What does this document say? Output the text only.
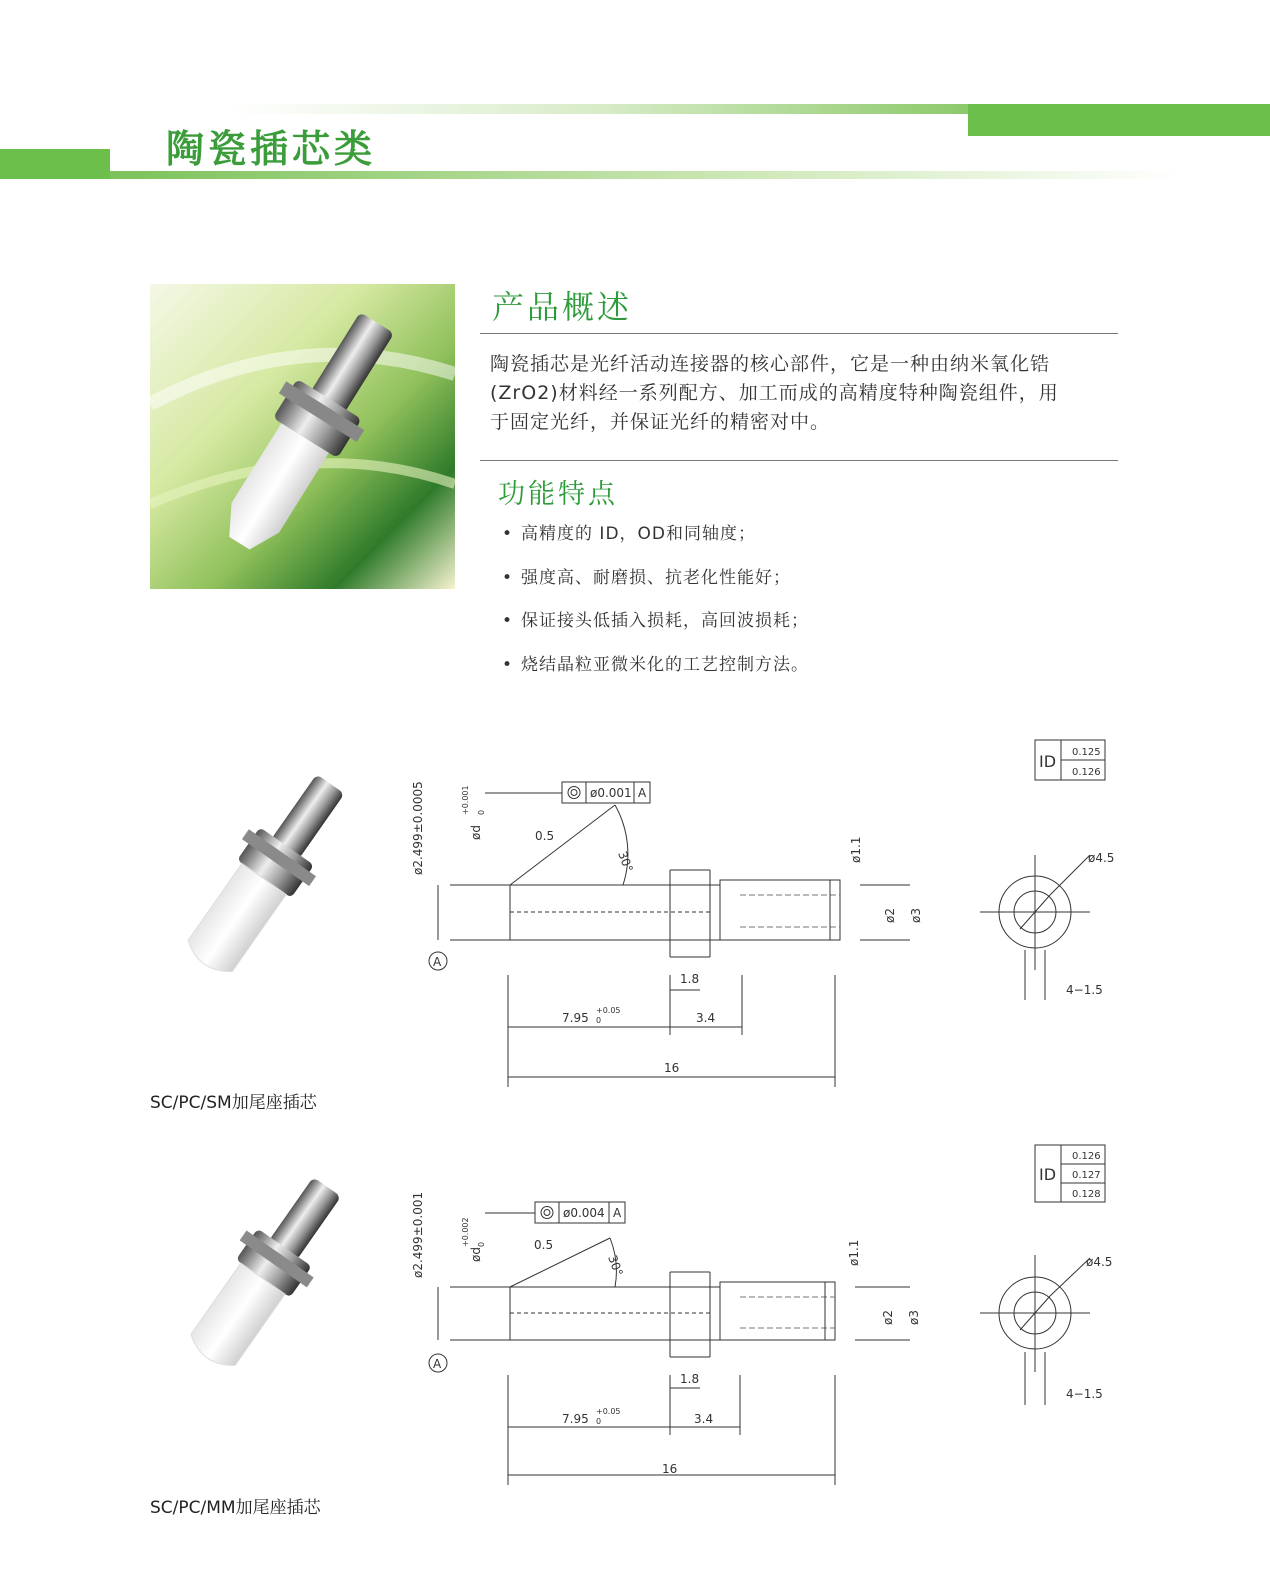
陶瓷插芯类
产品概述
陶瓷插芯是光纤活动连接器的核心部件，它是一种由纳米氧化锆
(ZrO2)材料经一系列配方、加工而成的高精度特种陶瓷组件，用
于固定光纤，并保证光纤的精密对中。
功能特点
• 高精度的 ID，OD和同轴度；
• 强度高、耐磨损、抗老化性能好；
• 保证接头低插入损耗，高回波损耗；
• 烧结晶粒亚微米化的工艺控制方法。
SC/PC/SM加尾座插芯
SC/PC/MM加尾座插芯
ID 0.125
0.126
ø0.001 A
A
ø2.499±0.0005	ød
+0.001 0
0.5
30°	ø1.1
ø2 ø3
1.8
7.95
+0.05
0	3.4
16
ø4.5
4−1.5
ID
0.126
0.127
0.128
ø0.004 A
A
ø2.499±0.001	ød
+0.002 0	0.5
30°	ø1.1
ø2 ø3
1.8
7.95
+0.05
0	3.4
16
ø4.5
4−1.5
